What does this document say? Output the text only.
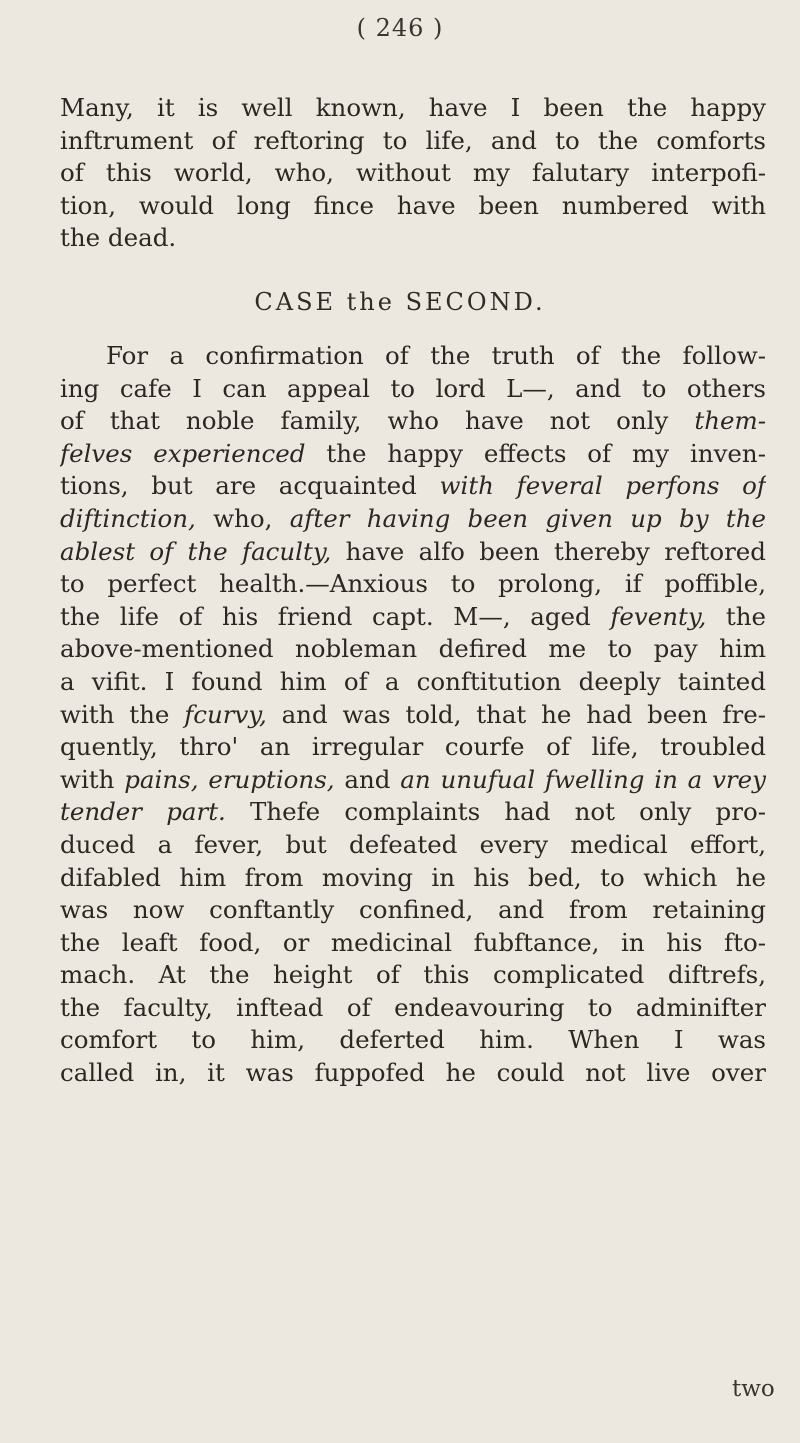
( 246 )
Many, it is well known, have I been the happy
inftrument of reftoring to life, and to the comforts
of this world, who, without my falutary interpofi-
tion, would long fince have been numbered with
the dead.
CASE the SECOND.
For a confirmation of the truth of the follow-
ing cafe I can appeal to lord L—, and to others
of that noble family, who have not only them-
felves experienced the happy effects of my inven-
tions, but are acquainted with feveral perfons of
diftinction, who, after having been given up by the
ablest of the faculty, have alfo been thereby reftored
to perfect health.—Anxious to prolong, if poffible,
the life of his friend capt. M—, aged feventy, the
above-mentioned nobleman defired me to pay him
a vifit. I found him of a conftitution deeply tainted
with the fcurvy, and was told, that he had been fre-
quently, thro' an irregular courfe of life, troubled
with pains, eruptions, and an unufual fwelling in a vrey
tender part. Thefe complaints had not only pro-
duced a fever, but defeated every medical effort,
difabled him from moving in his bed, to which he
was now conftantly confined, and from retaining
the leaft food, or medicinal fubftance, in his fto-
mach. At the height of this complicated diftrefs,
the faculty, inftead of endeavouring to adminifter
comfort to him, deferted him. When I was
called in, it was fuppofed he could not live over
two
